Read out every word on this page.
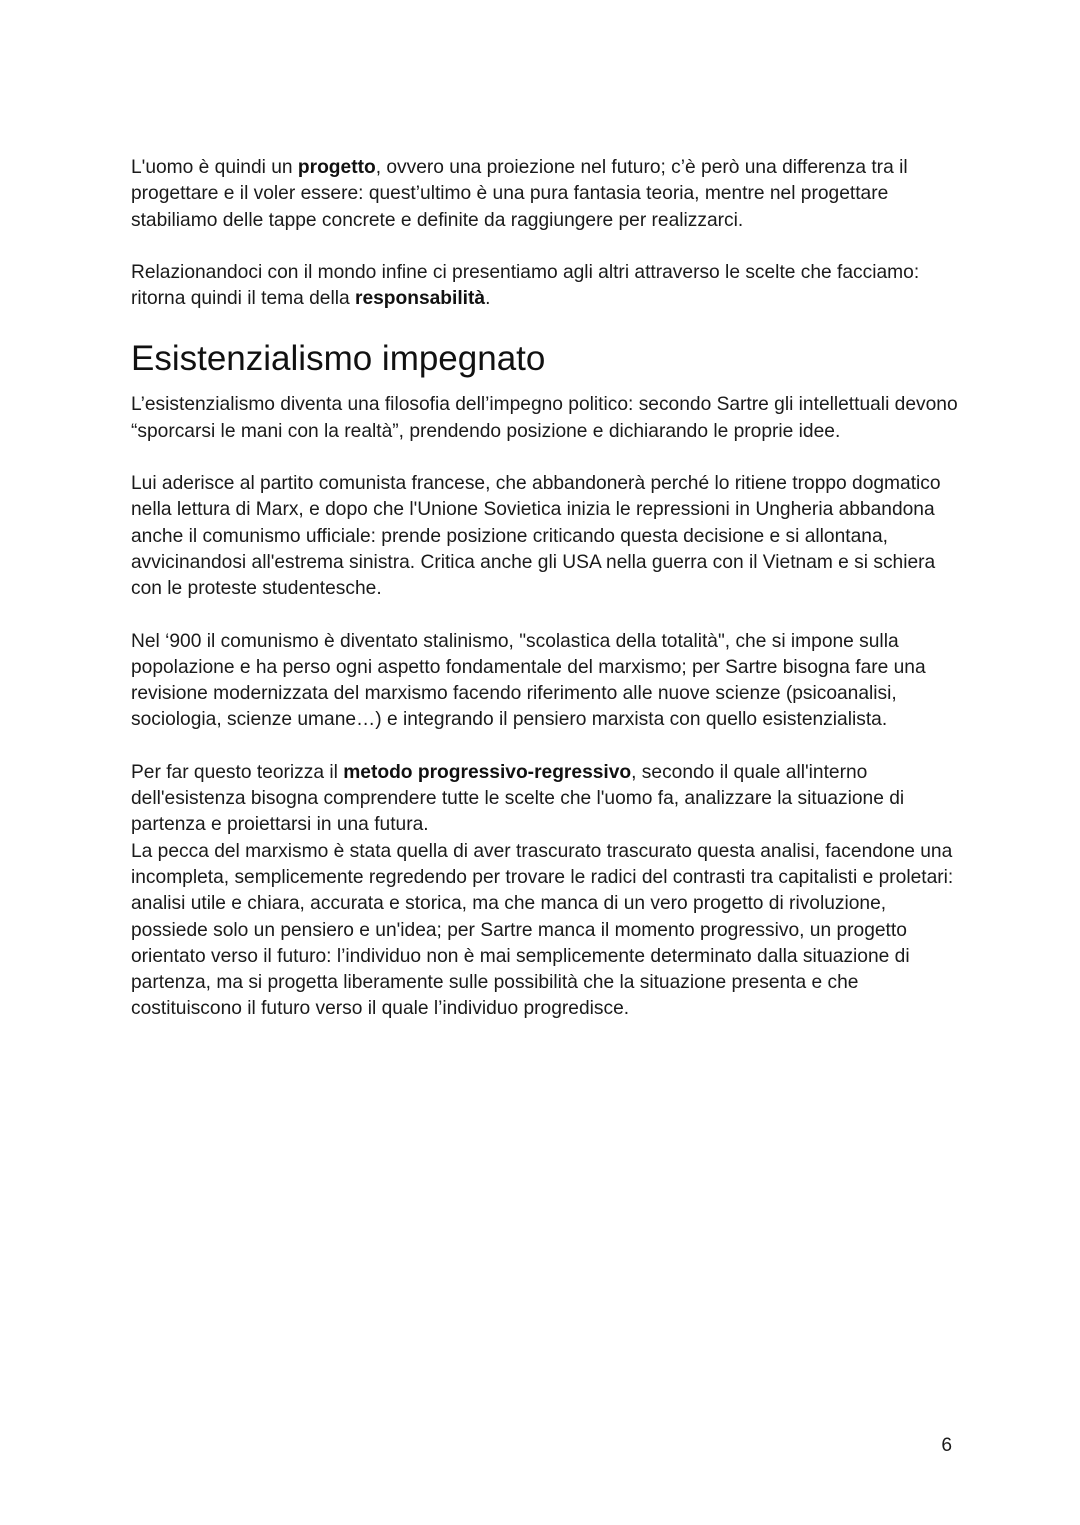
L'uomo è quindi un progetto, ovvero una proiezione nel futuro; c’è però una differenza tra il progettare e il voler essere: quest’ultimo è una pura fantasia teoria, mentre nel progettare stabiliamo delle tappe concrete e definite da raggiungere per realizzarci.

Relazionandoci con il mondo infine ci presentiamo agli altri attraverso le scelte che facciamo: ritorna quindi il tema della responsabilità.

Esistenzialismo impegnato

L’esistenzialismo diventa una filosofia dell’impegno politico: secondo Sartre gli intellettuali devono “sporcarsi le mani con la realtà”, prendendo posizione e dichiarando le proprie idee.

Lui aderisce al partito comunista francese, che abbandonerà perché lo ritiene troppo dogmatico nella lettura di Marx, e dopo che l'Unione Sovietica inizia le repressioni in Ungheria abbandona anche il comunismo ufficiale: prende posizione criticando questa decisione e si allontana, avvicinandosi all'estrema sinistra. Critica anche gli USA nella guerra con il Vietnam e si schiera con le proteste studentesche.

Nel ‘900 il comunismo è diventato stalinismo, "scolastica della totalità", che si impone sulla popolazione e ha perso ogni aspetto fondamentale del marxismo; per Sartre bisogna fare una revisione modernizzata del marxismo facendo riferimento alle nuove scienze (psicoanalisi, sociologia, scienze umane…) e integrando il pensiero marxista con quello esistenzialista.

Per far questo teorizza il metodo progressivo-regressivo, secondo il quale all'interno dell'esistenza bisogna comprendere tutte le scelte che l'uomo fa, analizzare la situazione di partenza e proiettarsi in una futura.

La pecca del marxismo è stata quella di aver trascurato trascurato questa analisi, facendone una incompleta, semplicemente regredendo per trovare le radici del contrasti tra capitalisti e proletari: analisi utile e chiara, accurata e storica, ma che manca di un vero progetto di rivoluzione, possiede solo un pensiero e un'idea; per Sartre manca il momento progressivo, un progetto orientato verso il futuro: l’individuo non è mai semplicemente determinato dalla situazione di partenza, ma si progetta liberamente sulle possibilità che la situazione presenta e che costituiscono il futuro verso il quale l’individuo progredisce.

6
